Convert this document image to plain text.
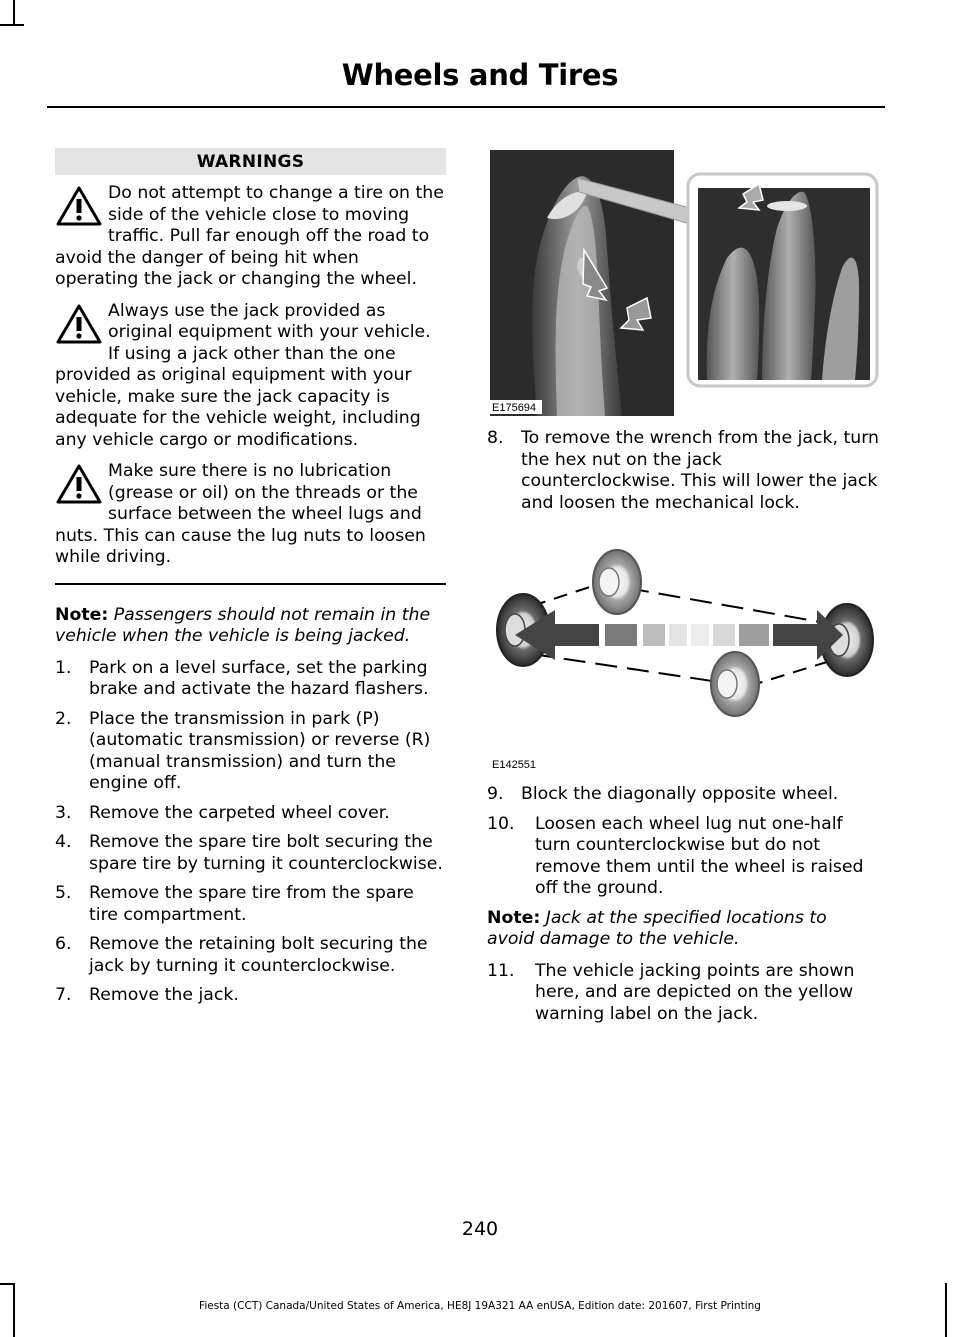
Wheels and Tires
WARNINGS
Do not attempt to change a tire on the side of the vehicle close to moving traffic. Pull far enough off the road to avoid the danger of being hit when operating the jack or changing the wheel.
Always use the jack provided as original equipment with your vehicle. If using a jack other than the one provided as original equipment with your vehicle, make sure the jack capacity is adequate for the vehicle weight, including any vehicle cargo or modifications.
Make sure there is no lubrication (grease or oil) on the threads or the surface between the wheel lugs and nuts. This can cause the lug nuts to loosen while driving.
Note: Passengers should not remain in the vehicle when the vehicle is being jacked.
1. Park on a level surface, set the parking brake and activate the hazard flashers.
2. Place the transmission in park (P) (automatic transmission) or reverse (R) (manual transmission) and turn the engine off.
3. Remove the carpeted wheel cover.
4. Remove the spare tire bolt securing the spare tire by turning it counterclockwise.
5. Remove the spare tire from the spare tire compartment.
6. Remove the retaining bolt securing the jack by turning it counterclockwise.
7. Remove the jack.
E175694
8. To remove the wrench from the jack, turn the hex nut on the jack counterclockwise. This will lower the jack and loosen the mechanical lock.
E142551
9. Block the diagonally opposite wheel.
10. Loosen each wheel lug nut one-half turn counterclockwise but do not remove them until the wheel is raised off the ground.
Note: Jack at the specified locations to avoid damage to the vehicle.
11. The vehicle jacking points are shown here, and are depicted on the yellow warning label on the jack.
240
Fiesta (CCT) Canada/United States of America, HE8J 19A321 AA enUSA, Edition date: 201607, First Printing
